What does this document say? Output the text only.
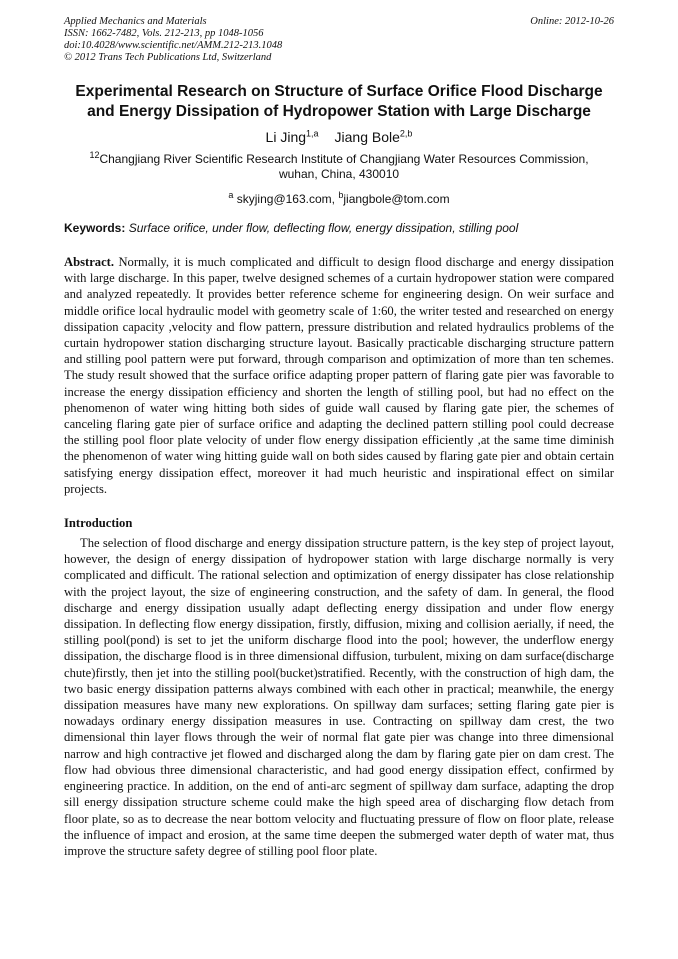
Applied Mechanics and Materials
ISSN: 1662-7482, Vols. 212-213, pp 1048-1056
doi:10.4028/www.scientific.net/AMM.212-213.1048
© 2012 Trans Tech Publications Ltd, Switzerland
Online: 2012-10-26
Experimental Research on Structure of Surface Orifice Flood Discharge
and Energy Dissipation of Hydropower Station with Large Discharge
Li Jing$^{1,a}$ Jiang Bole$^{2,b}$
$^{12}$Changjiang River Scientific Research Institute of Changjiang Water Resources Commission,
wuhan, China, 430010
$^a$ skyjing@163.com, $^b$jiangbole@tom.com
Keywords: Surface orifice, under flow, deflecting flow, energy dissipation, stilling pool
Abstract. Normally, it is much complicated and difficult to design flood discharge and energy dissipation with large discharge. In this paper, twelve designed schemes of a curtain hydropower station were compared and analyzed repeatedly. It provides better reference scheme for engineering design. On weir surface and middle orifice local hydraulic model with geometry scale of 1:60, the writer tested and researched on energy dissipation capacity ,velocity and flow pattern, pressure distribution and related hydraulics problems of the curtain hydropower station discharging structure layout. Basically practicable discharging structure pattern and stilling pool pattern were put forward, through comparison and optimization of more than ten schemes. The study result showed that the surface orifice adapting proper pattern of flaring gate pier was favorable to increase the energy dissipation efficiency and shorten the length of stilling pool, but had no effect on the phenomenon of water wing hitting both sides of guide wall caused by flaring gate pier, the schemes of canceling flaring gate pier of surface orifice and adapting the declined pattern stilling pool could decrease the stilling pool floor plate velocity of under flow energy dissipation efficiently ,at the same time diminish the phenomenon of water wing hitting guide wall on both sides caused by flaring gate pier and obtain certain satisfying energy dissipation effect, moreover it had much heuristic and inspirational effect on similar projects.
Introduction
The selection of flood discharge and energy dissipation structure pattern, is the key step of project layout, however, the design of energy dissipation of hydropower station with large discharge normally is very complicated and difficult. The rational selection and optimization of energy dissipater has close relationship with the project layout, the size of engineering construction, and the safety of dam. In general, the flood discharge and energy dissipation usually adapt deflecting energy dissipation and under flow energy dissipation. In deflecting flow energy dissipation, firstly, diffusion, mixing and collision aerially, if need, the stilling pool(pond) is set to jet the uniform discharge flood into the pool; however, the underflow energy dissipation, the discharge flood is in three dimensional diffusion, turbulent, mixing on dam surface(discharge chute)firstly, then jet into the stilling pool(bucket)stratified. Recently, with the construction of high dam, the two basic energy dissipation patterns always combined with each other in practical; meanwhile, the energy dissipation measures have many new explorations. On spillway dam surfaces; setting flaring gate pier is nowadays ordinary energy dissipation measures in use. Contracting on spillway dam crest, the two dimensional thin layer flows through the weir of normal flat gate pier was change into three dimensional narrow and high contractive jet flowed and discharged along the dam by flaring gate pier on dam crest. The flow had obvious three dimensional characteristic, and had good energy dissipation effect, confirmed by engineering practice. In addition, on the end of anti-arc segment of spillway dam surface, adapting the drop sill energy dissipation structure scheme could make the high speed area of discharging flow detach from floor plate, so as to decrease the near bottom velocity and fluctuating pressure of flow on floor plate, release the influence of impact and erosion, at the same time deepen the submerged water depth of water mat, thus improve the structure safety degree of stilling pool floor plate.
